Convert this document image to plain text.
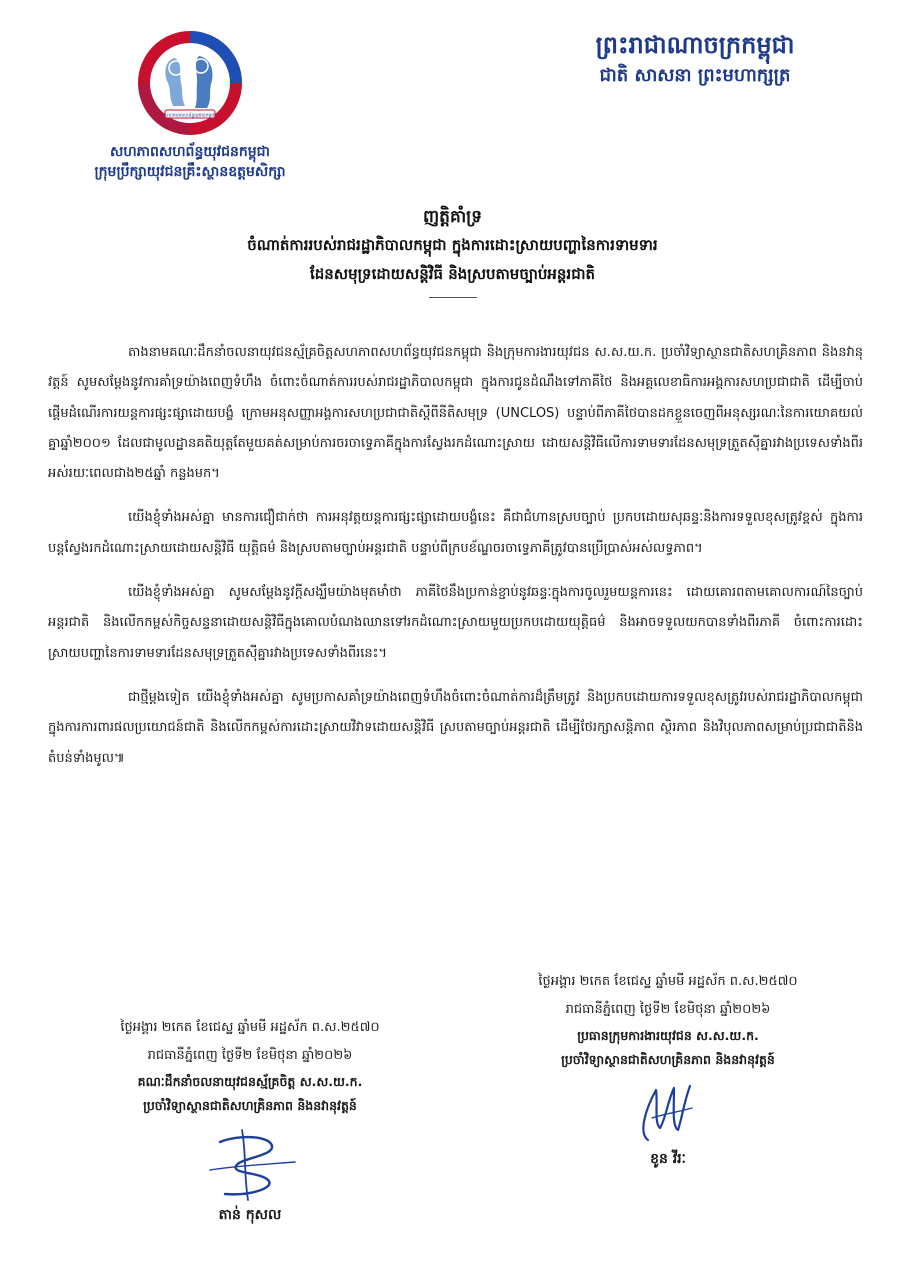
សហភាពសហព័ន្ធយុវជនកម្ពុជា
សហភាពសហព័ន្ធយុវជនកម្ពុជា
ក្រុមប្រឹក្សាយុវជនគ្រឹះស្ថានឧត្តមសិក្សា
ព្រះរាជាណាចក្រកម្ពុជា
ជាតិ សាសនា ព្រះមហាក្សត្រ
ញត្តិគាំទ្រ
ចំណាត់ការរបស់រាជរដ្ឋាភិបាលកម្ពុជា ក្នុងការដោះស្រាយបញ្ហានៃការទាមទារ
ដែនសមុទ្រដោយសន្តិវិធី និងស្របតាមច្បាប់អន្តរជាតិ

តាងនាមគណៈដឹកនាំចលនាយុវជនស្ម័គ្រចិត្តសហភាពសហព័ន្ធយុវជនកម្ពុជា និងក្រុមការងារយុវជន ស.ស.យ.ក. ប្រចាំវិទ្យាស្ថានជាតិសហគ្រិនភាព និងនវានុវត្តន៍ សូមសម្តែងនូវការគាំទ្រយ៉ាងពេញទំហឹង ចំពោះចំណាត់ការរបស់រាជរដ្ឋាភិបាលកម្ពុជា ក្នុងការជូនដំណឹងទៅភាគីថៃ និងអគ្គលេខាធិការអង្គការសហប្រជាជាតិ ដើម្បីចាប់ផ្តើមដំណើរការយន្តការផ្សះផ្សាដោយបង្ខំ ក្រោមអនុសញ្ញាអង្គការសហប្រជាជាតិស្តីពីនីតិសមុទ្រ (UNCLOS) បន្ទាប់ពីភាគីថៃបានដកខ្លួនចេញពីអនុស្សរណៈនៃការយោគយល់គ្នាឆ្នាំ២០០១ ដែលជាមូលដ្ឋានគតិយុត្តតែមួយគត់សម្រាប់ការចរចាទ្វេភាគីក្នុងការស្វែងរកដំណោះស្រាយ ដោយសន្តិវិធីលើការទាមទារដែនសមុទ្រត្រួតស៊ីគ្នារវាងប្រទេសទាំងពីរអស់រយៈពេលជាង២៥ឆ្នាំ កន្លងមក។

យើងខ្ញុំទាំងអស់គ្នា មានការជឿជាក់ថា ការអនុវត្តយន្តការផ្សះផ្សាដោយបង្ខំនេះ គឺជាជំហានស្របច្បាប់ ប្រកបដោយសុឆន្ទៈនិងការទទួលខុសត្រូវខ្ពស់ ក្នុងការបន្តស្វែងរកដំណោះស្រាយដោយសន្តិវិធី យុត្តិធម៌ និងស្របតាមច្បាប់អន្តរជាតិ បន្ទាប់ពីក្របខ័ណ្ឌចរចាទ្វេភាគីត្រូវបានប្រើប្រាស់អស់លទ្ធភាព។

យើងខ្ញុំទាំងអស់គ្នា សូមសម្តែងនូវក្តីសង្ឃឹមយ៉ាងមុតមាំថា ភាគីថៃនឹងប្រកាន់ខ្ជាប់នូវឆន្ទៈក្នុងការចូលរួមយន្តការនេះ ដោយគោរពតាមគោលការណ៍នៃច្បាប់អន្តរជាតិ និងលើកកម្ពស់កិច្ចសន្ទនាដោយសន្តិវិធីក្នុងគោលបំណងឈានទៅរកដំណោះស្រាយមួយប្រកបដោយយុត្តិធម៌ និងអាចទទួលយកបានទាំងពីរភាគី ចំពោះការដោះស្រាយបញ្ហានៃការទាមទារដែនសមុទ្រត្រួតស៊ីគ្នារវាងប្រទេសទាំងពីរនេះ។

ជាថ្មីម្តងទៀត យើងខ្ញុំទាំងអស់គ្នា សូមប្រកាសគាំទ្រយ៉ាងពេញទំហឹងចំពោះចំណាត់ការដ៏ត្រឹមត្រូវ និងប្រកបដោយការទទួលខុសត្រូវរបស់រាជរដ្ឋាភិបាលកម្ពុជា ក្នុងការការពារផលប្រយោជន៍ជាតិ និងលើកកម្ពស់ការដោះស្រាយវិវាទដោយសន្តិវិធី ស្របតាមច្បាប់អន្តរជាតិ ដើម្បីថែរក្សាសន្តិភាព ស្ថិរភាព និងវិបុលភាពសម្រាប់ប្រជាជាតិនិងតំបន់ទាំងមូល៕

ថ្ងៃអង្គារ ២កេត ខែជេស្ឋ ឆ្នាំមមី អដ្ឋស័ក ព.ស.២៥៧០
រាជធានីភ្នំពេញ ថ្ងៃទី២ ខែមិថុនា ឆ្នាំ២០២៦
ប្រធានក្រុមការងារយុវជន ស.ស.យ.ក.
ប្រចាំវិទ្យាស្ថានជាតិសហគ្រិនភាព និងនវានុវត្តន៍
ខូន វីរៈ
ថ្ងៃអង្គារ ២កេត ខែជេស្ឋ ឆ្នាំមមី អដ្ឋស័ក ព.ស.២៥៧០
រាជធានីភ្នំពេញ ថ្ងៃទី២ ខែមិថុនា ឆ្នាំ២០២៦
គណៈដឹកនាំចលនាយុវជនស្ម័គ្រចិត្ត ស.ស.យ.ក.
ប្រចាំវិទ្យាស្ថានជាតិសហគ្រិនភាព និងនវានុវត្តន៍
តាន់ កុសល
